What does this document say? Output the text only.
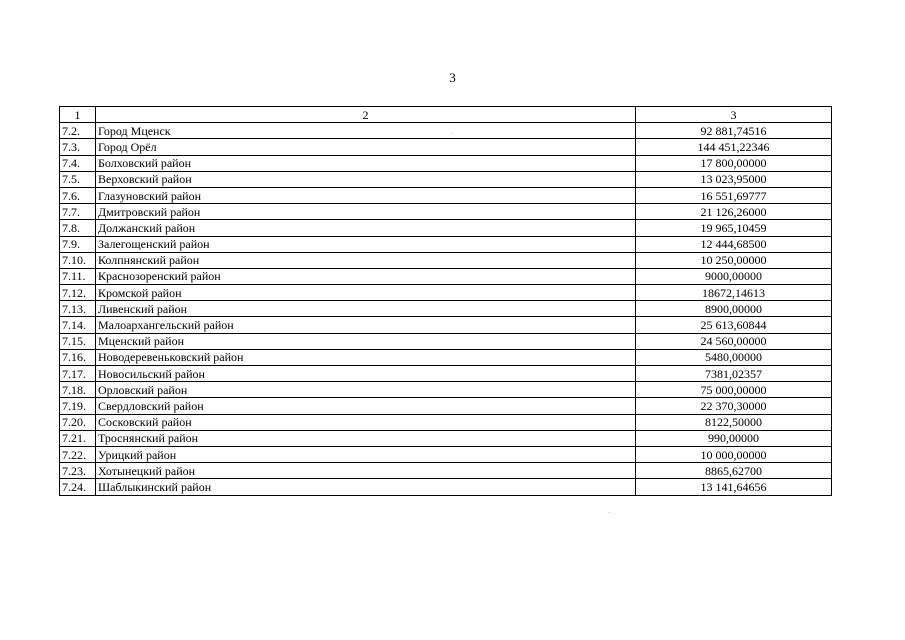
3
1	2	3
7.2.	Город Мценск	92 881,74516
7.3.	Город Орёл	144 451,22346
7.4.	Болховский район	17 800,00000
7.5.	Верховский район	13 023,95000
7.6.	Глазуновский район	16 551,69777
7.7.	Дмитровский район	21 126,26000
7.8.	Должанский район	19 965,10459
7.9.	Залегощенский район	12 444,68500
7.10.	Колпнянский район	10 250,00000
7.11.	Краснозоренский район	9000,00000
7.12.	Кромской район	18672,14613
7.13.	Ливенский район	8900,00000
7.14.	Малоархангельский район	25 613,60844
7.15.	Мценский район	24 560,00000
7.16.	Новодеревеньковский район	5480,00000
7.17.	Новосильский район	7381,02357
7.18.	Орловский район	75 000,00000
7.19.	Свердловский район	22 370,30000
7.20.	Сосковский район	8122,50000
7.21.	Троснянский район	990,00000
7.22.	Урицкий район	10 000,00000
7.23.	Хотынецкий район	8865,62700
7.24.	Шаблыкинский район	13 141,64656
